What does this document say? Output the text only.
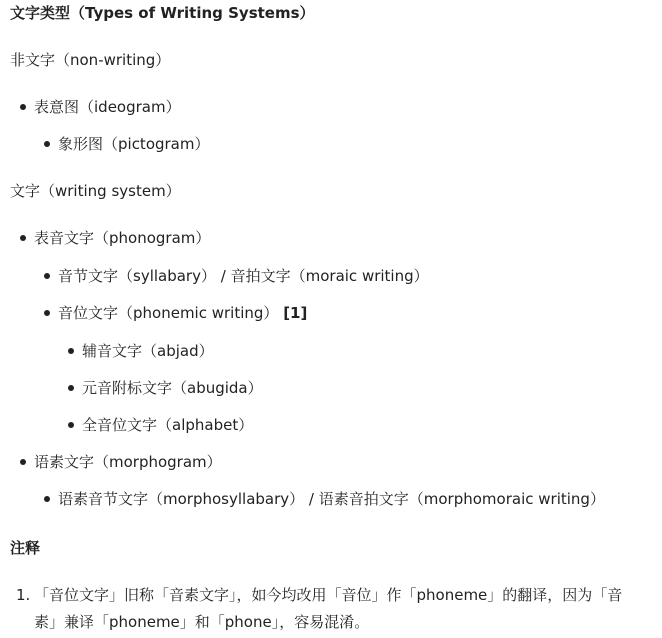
文字类型（Types of Writing Systems）
非文字（non-writing）
表意图（ideogram）
象形图（pictogram）
文字（writing system）
表音文字（phonogram）
音节文字（syllabary） / 音拍文字（moraic writing）
音位文字（phonemic writing） [1]
辅音文字（abjad）
元音附标文字（abugida）
全音位文字（alphabet）
语素文字（morphogram）
语素音节文字（morphosyllabary） / 语素音拍文字（morphomoraic writing）
注释
1. 「音位文字」旧称「音素文字」，如今均改用「音位」作「phoneme」的翻译，因为「音
素」兼译「phoneme」和「phone」，容易混淆。
